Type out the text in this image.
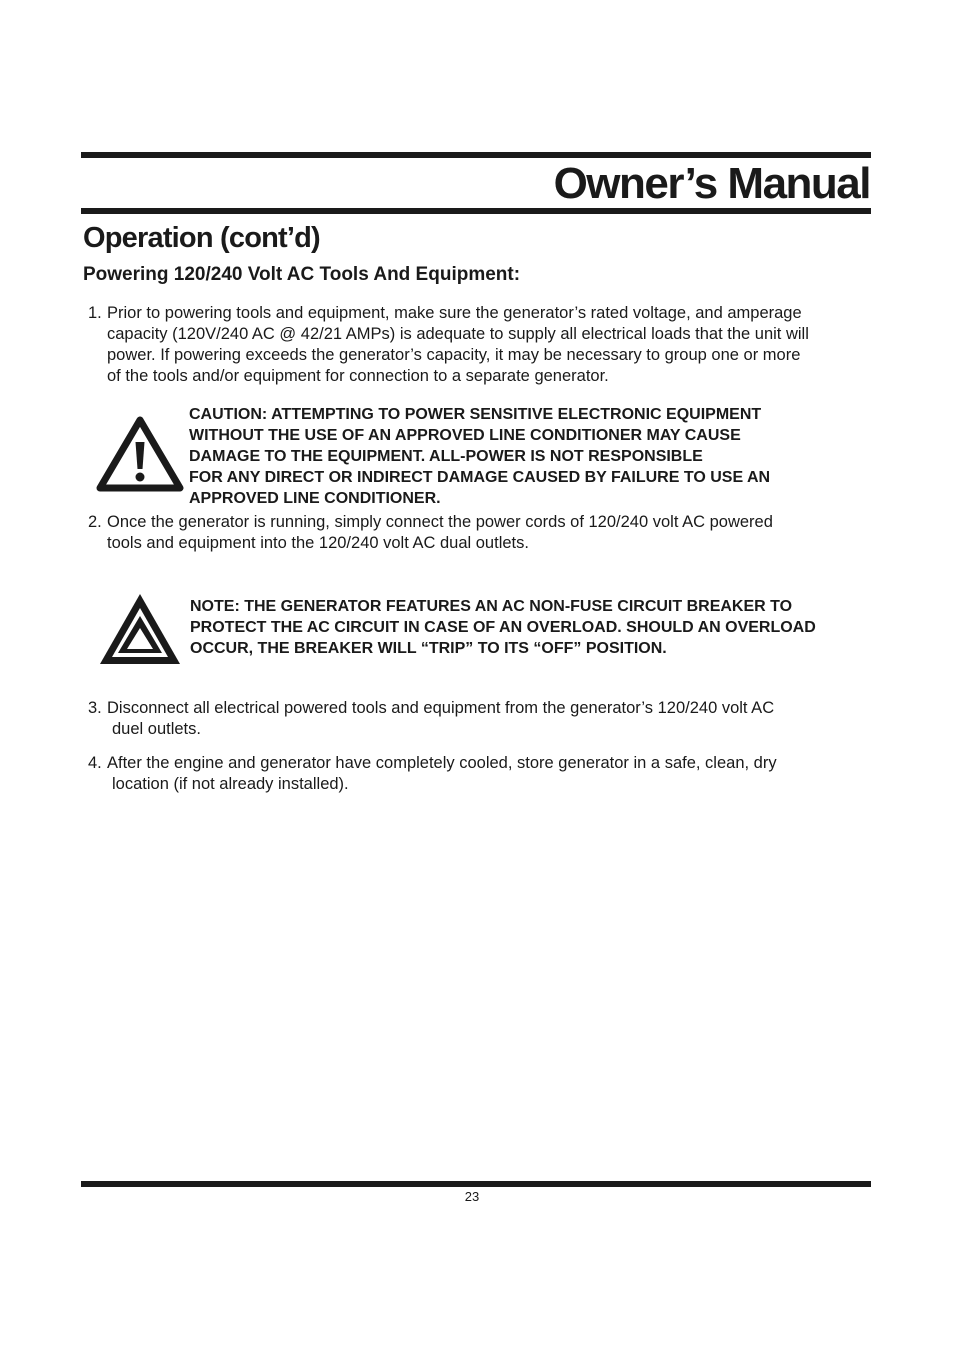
Owner’s Manual
Operation (cont’d)
Powering 120/240 Volt AC Tools And Equipment:

1. Prior to powering tools and equipment, make sure the generator’s rated voltage, and amperage
capacity (120V/240 AC @ 42/21 AMPs) is adequate to supply all electrical loads that the unit will
power. If powering exceeds the generator’s capacity, it may be necessary to group one or more
of the tools and/or equipment for connection to a separate generator.

CAUTION: ATTEMPTING TO POWER SENSITIVE ELECTRONIC EQUIPMENT
WITHOUT THE USE OF AN APPROVED LINE CONDITIONER MAY CAUSE
DAMAGE TO THE EQUIPMENT. ALL-POWER IS NOT RESPONSIBLE
FOR ANY DIRECT OR INDIRECT DAMAGE CAUSED BY FAILURE TO USE AN
APPROVED LINE CONDITIONER.

2. Once the generator is running, simply connect the power cords of 120/240 volt AC powered
tools and equipment into the 120/240 volt AC dual outlets.

NOTE: THE GENERATOR FEATURES AN AC NON-FUSE CIRCUIT BREAKER TO
PROTECT THE AC CIRCUIT IN CASE OF AN OVERLOAD. SHOULD AN OVERLOAD
OCCUR, THE BREAKER WILL “TRIP” TO ITS “OFF” POSITION.

3. Disconnect all electrical powered tools and equipment from the generator’s 120/240 volt AC
duel outlets.

4. After the engine and generator have completely cooled, store generator in a safe, clean, dry
location (if not already installed).

23
